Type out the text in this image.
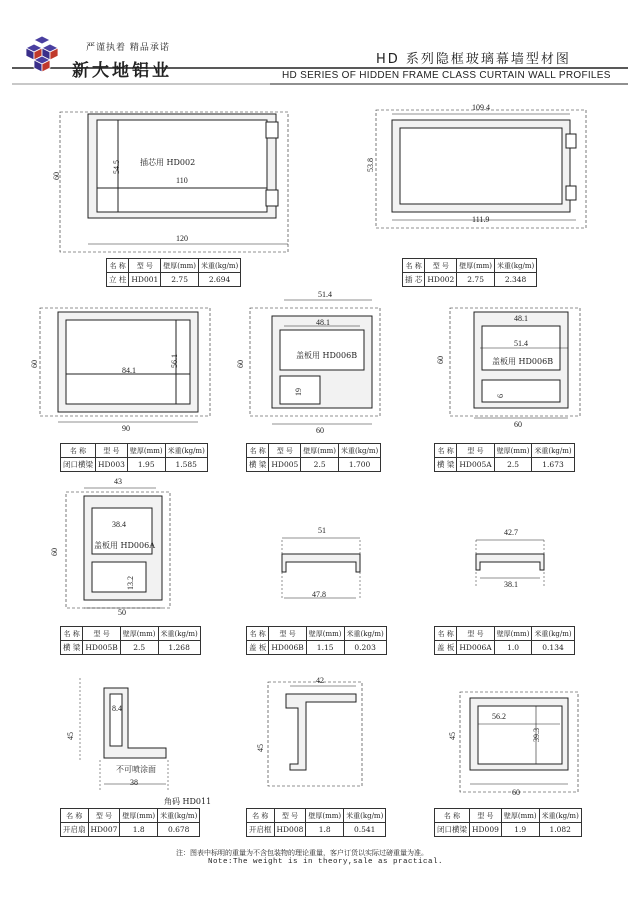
严谨执着 精品承诺
新大地铝业
HD 系列隐框玻璃幕墙型材图
HD SERIES OF HIDDEN FRAME CLASS CURTAIN WALL PROFILES
插芯用 HD002
110
120
60
54.5
109.4
111.9
53.8
84.1
90
60	56.1
51.4
48.1
盖板用 HD006B
60
60
19
48.1
51.4
盖板用 HD006B
60
60
6
43
38.4
盖板用 HD006A
50
60
13.2
51
47.8
42.7
38.1
45
8.4
不可喷涂面
38
角码 HD011
42
45
56.2
39.3
45
60
名 称	型 号	壁厚(mm)	米重(kg/m)
立 柱	HD001	2.75	2.694
名 称	型 号	壁厚(mm)	米重(kg/m)
插 芯	HD002	2.75	2.348
名 称	型 号	壁厚(mm)	米重(kg/m)
闭口横梁	HD003	1.95	1.585
名 称	型 号	壁厚(mm)	米重(kg/m)
横 梁	HD005	2.5	1.700
名 称	型 号	壁厚(mm)	米重(kg/m)
横 梁	HD005A	2.5	1.673
名 称	型 号	壁厚(mm)	米重(kg/m)
横 梁	HD005B	2.5	1.268
名 称	型 号	壁厚(mm)	米重(kg/m)
盖 板	HD006B	1.15	0.203
名 称	型 号	壁厚(mm)	米重(kg/m)
盖 板	HD006A	1.0	0.134
名 称	型 号	壁厚(mm)	米重(kg/m)
开启扇	HD007	1.8	0.678
名 称	型 号	壁厚(mm)	米重(kg/m)
开启框	HD008	1.8	0.541
名 称	型 号	壁厚(mm)	米重(kg/m)
闭口横梁	HD009	1.9	1.082
注：图表中标明的重量为不含包装物的理论重量，客户订货以实际过磅重量为准。
Note:The weight is in theory,sale as practical.
